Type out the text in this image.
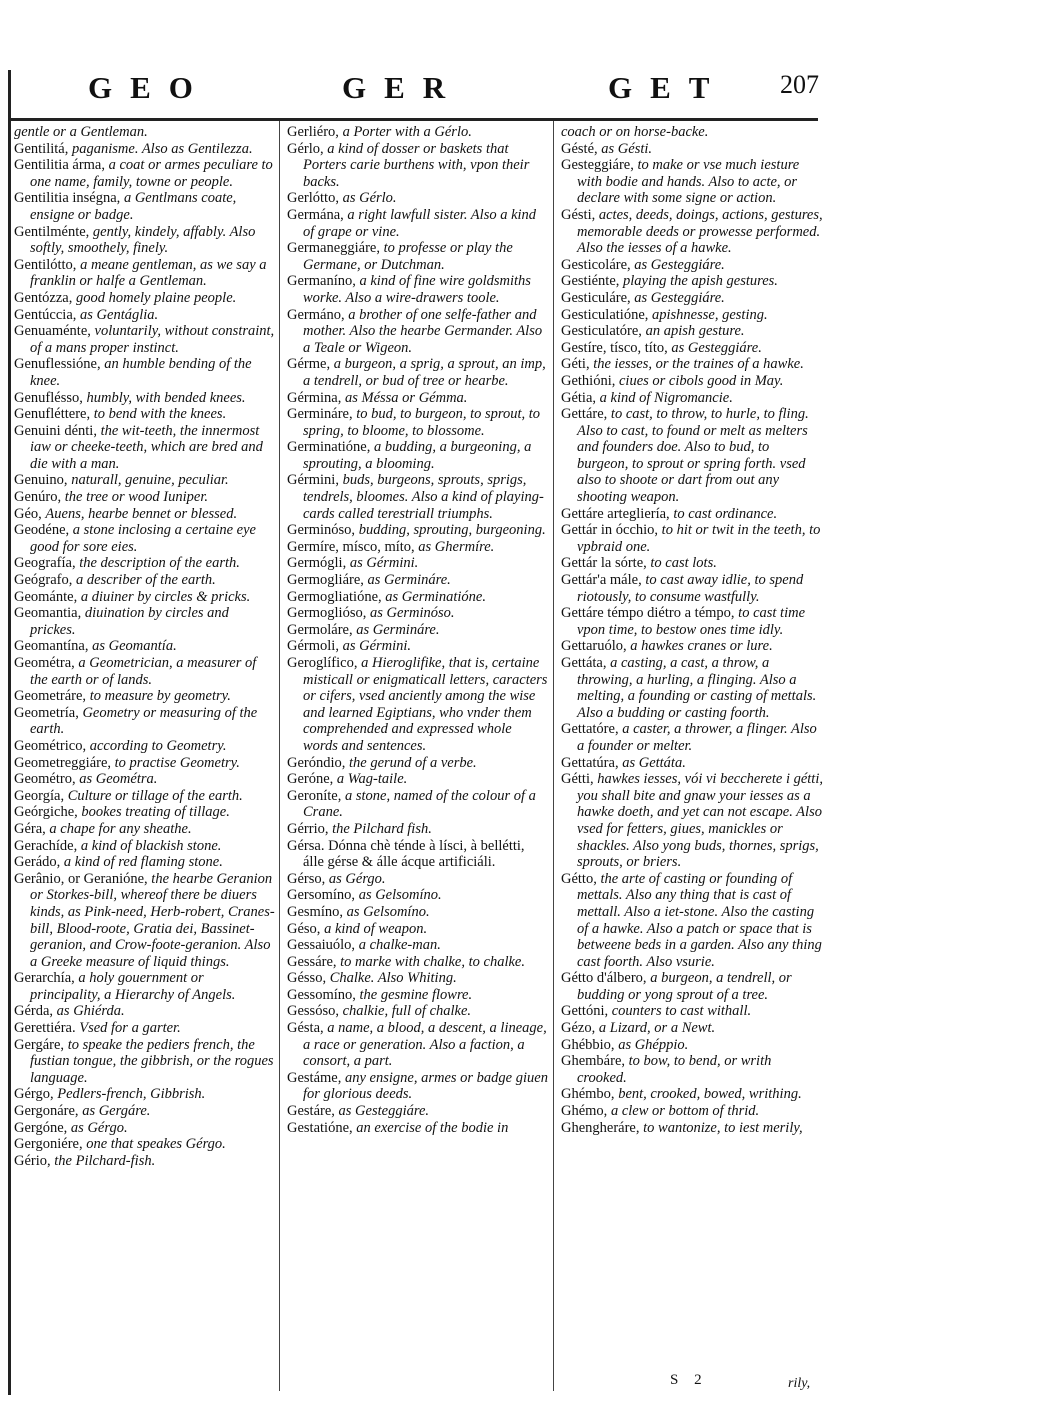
GEO	GER	GET 207

gentle or a Gentleman.

Gentilitá, paganisme. Also as Gentilezza.

Gentilitia árma, a coat or armes peculiare to one name, family, towne or people.

Gentilitia inségna, a Gentlmans coate, ensigne or badge.

Gentilménte, gently, kindely, affably. Also softly, smoothely, finely.

Gentilótto, a meane gentleman, as we say a franklin or halfe a Gentleman.

Gentózza, good homely plaine people.

Gentúccia, as Gentáglia.

Genuaménte, voluntarily, without constraint, of a mans proper instinct.

Genuflessióne, an humble bending of the knee.

Genuflésso, humbly, with bended knees.

Genufléttere, to bend with the knees.

Genuini dénti, the wit-teeth, the innermost iaw or cheeke-teeth, which are bred and die with a man.

Genuino, naturall, genuine, peculiar.

Genúro, the tree or wood Iuniper.

Géo, Auens, hearbe bennet or blessed.

Geodéne, a stone inclosing a certaine eye good for sore eies.

Geografía, the description of the earth.

Geógrafo, a describer of the earth.

Geománte, a diuiner by circles & pricks.

Geomantia, diuination by circles and prickes.

Geomantína, as Geomantía.

Geométra, a Geometrician, a measurer of the earth or of lands.

Geometráre, to measure by geometry.

Geometría, Geometry or measuring of the earth.

Geométrico, according to Geometry.

Geometreggiáre, to practise Geometry.

Geométro, as Geométra.

Georgía, Culture or tillage of the earth.

Geórgiche, bookes treating of tillage.

Géra, a chape for any sheathe.

Gerachíde, a kind of blackish stone.

Gerádo, a kind of red flaming stone.

Gerânio, or Geranióne, the hearbe Geranion or Storkes-bill, whereof there be diuers kinds, as Pink-need, Herb-robert, Cranes-bill, Blood-roote, Gratia dei, Bassinet-geranion, and Crow-foote-geranion. Also a Greeke measure of liquid things.

Gerarchía, a holy gouernment or principality, a Hierarchy of Angels.

Gérda, as Ghiérda.

Gerettiéra. Vsed for a garter.

Gergáre, to speake the pediers french, the fustian tongue, the gibbrish, or the rogues language.

Gérgo, Pedlers-french, Gibbrish.

Gergonáre, as Gergáre.

Gergóne, as Gérgo.

Gergoniére, one that speakes Gérgo.

Gério, the Pilchard-fish.

Gerliéro, a Porter with a Gérlo.

Gérlo, a kind of dosser or baskets that Porters carie burthens with, vpon their backs.

Gerlótto, as Gérlo.

Germána, a right lawfull sister. Also a kind of grape or vine.

Germaneggiáre, to professe or play the Germane, or Dutchman.

Germaníno, a kind of fine wire goldsmiths worke. Also a wire-drawers toole.

Germáno, a brother of one selfe-father and mother. Also the hearbe Germander. Also a Teale or Wigeon.

Gérme, a burgeon, a sprig, a sprout, an imp, a tendrell, or bud of tree or hearbe.

Gérmina, as Méssa or Gémma.

Germináre, to bud, to burgeon, to sprout, to spring, to bloome, to blossome.

Germinatióne, a budding, a burgeoning, a sprouting, a blooming.

Gérmini, buds, burgeons, sprouts, sprigs, tendrels, bloomes. Also a kind of playing-cards called terestriall triumphs.

Germinóso, budding, sprouting, burgeoning.

Germíre, mísco, míto, as Ghermíre.

Germógli, as Gérmini.

Germogliáre, as Germináre.

Germogliatióne, as Germinatióne.

Germoglióso, as Germinóso.

Germoláre, as Germináre.

Gérmoli, as Gérmini.

Geroglífico, a Hieroglifike, that is, certaine misticall or enigmaticall letters, caracters or cifers, vsed anciently among the wise and learned Egiptians, who vnder them comprehended and expressed whole words and sentences.

Geróndio, the gerund of a verbe.

Geróne, a Wag-taile.

Geroníte, a stone, named of the colour of a Crane.

Gérrio, the Pilchard fish.

Gérsa. Dónna chè ténde à lísci, à bellétti, álle gérse & álle ácque artificiáli.

Gérso, as Gérgo.

Gersomíno, as Gelsomíno.

Gesmíno, as Gelsomíno.

Géso, a kind of weapon.

Gessaiuólo, a chalke-man.

Gessáre, to marke with chalke, to chalke.

Gésso, Chalke. Also Whiting.

Gessomíno, the gesmine flowre.

Gessóso, chalkie, full of chalke.

Gésta, a name, a blood, a descent, a lineage, a race or generation. Also a faction, a consort, a part.

Gestáme, any ensigne, armes or badge giuen for glorious deeds.

Gestáre, as Gesteggiáre.

Gestatióne, an exercise of the bodie in

coach or on horse-backe.

Gésté, as Gésti.

Gesteggiáre, to make or vse much iesture with bodie and hands. Also to acte, or declare with some signe or action.

Gésti, actes, deeds, doings, actions, gestures, memorable deeds or prowesse performed. Also the iesses of a hawke.

Gesticoláre, as Gesteggiáre.

Gestiénte, playing the apish gestures.

Gesticuláre, as Gesteggiáre.

Gesticulatióne, apishnesse, gesting.

Gesticulatóre, an apish gesture.

Gestíre, tísco, títo, as Gesteggiáre.

Géti, the iesses, or the traines of a hawke.

Gethióni, ciues or cibols good in May.

Gétia, a kind of Nigromancie.

Gettáre, to cast, to throw, to hurle, to fling. Also to cast, to found or melt as melters and founders doe. Also to bud, to burgeon, to sprout or spring forth. vsed also to shoote or dart from out any shooting weapon.

Gettáre artegliería, to cast ordinance.

Gettár in ócchio, to hit or twit in the teeth, to vpbraid one.

Gettár la sórte, to cast lots.

Gettár'a mále, to cast away idlie, to spend riotously, to consume wastfully.

Gettáre témpo diétro a témpo, to cast time vpon time, to bestow ones time idly.

Gettaruólo, a hawkes cranes or lure.

Gettáta, a casting, a cast, a throw, a throwing, a hurling, a flinging. Also a melting, a founding or casting of mettals. Also a budding or casting foorth.

Gettatóre, a caster, a thrower, a flinger. Also a founder or melter.

Gettatúra, as Gettáta.

Gétti, hawkes iesses, vói vi beccherete i gétti, you shall bite and gnaw your iesses as a hawke doeth, and yet can not escape. Also vsed for fetters, giues, manickles or shackles. Also yong buds, thornes, sprigs, sprouts, or briers.

Gétto, the arte of casting or founding of mettals. Also any thing that is cast of mettall. Also a iet-stone. Also the casting of a hawke. Also a patch or space that is betweene beds in a garden. Also any thing cast foorth. Also vsurie.

Gétto d'álbero, a burgeon, a tendrell, or budding or yong sprout of a tree.

Gettóni, counters to cast withall.

Gézo, a Lizard, or a Newt.

Ghébbio, as Ghéppio.

Ghembáre, to bow, to bend, or writh crooked.

Ghémbo, bent, crooked, bowed, writhing.

Ghémo, a clew or bottom of thrid.

Ghengheráre, to wantonize, to iest merily,

S 2	rily,
